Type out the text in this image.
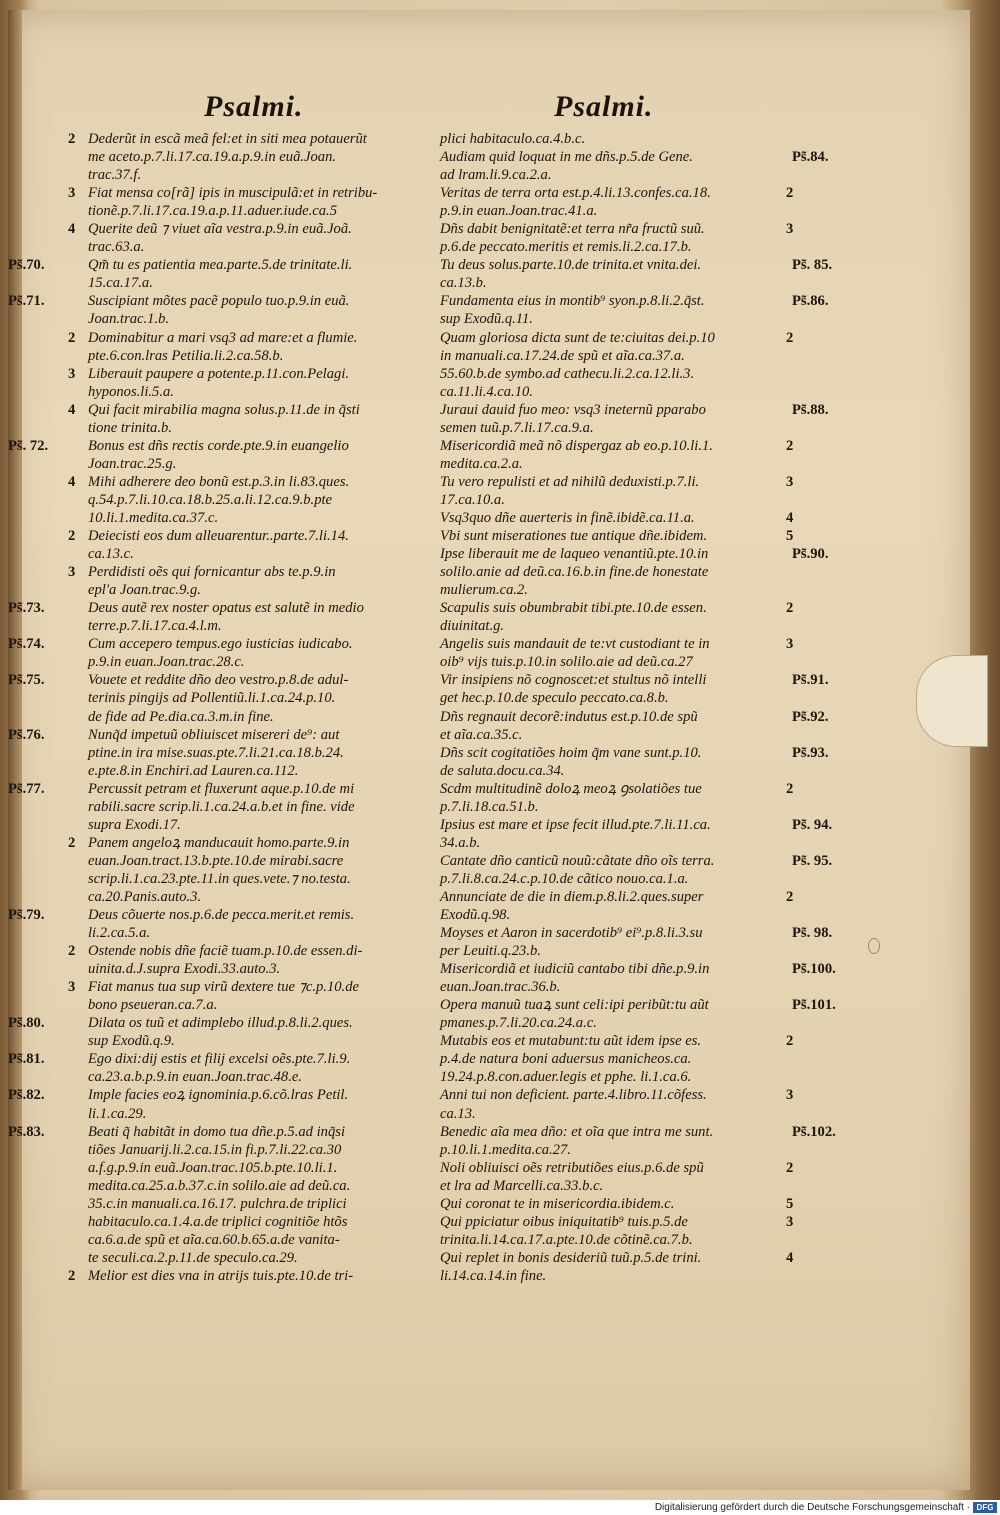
Psalmi.	Psalmi.
2 Dederũt in escã meã fel:et in siti mea potauerũt
me aceto.p.7.li.17.ca.19.a.p.9.in euã.Joan.
trac.37.f.
3 Fiat mensa co[rã] ipis in muscipulã:et in retribu-
tionẽ.p.7.li.17.ca.19.a.p.11.aduer.iude.ca.5
4 Querite deũ ⁊ viuet aĩa vestra.p.9.in euã.Joã.
trac.63.a.
Ps̃.70.	Qm̃ tu es patientia mea.parte.5.de trinitate.li.
15.ca.17.a.
Ps̃.71.	Suscipiant mõtes pacẽ populo tuo.p.9.in euã.
Joan.trac.1.b.
2 Dominabitur a mari vsq3 ad mare:et a flumie.
pte.6.con.lras Petilia.li.2.ca.58.b.
3 Liberauit paupere a potente.p.11.con.Pelagi.
hyponos.li.5.a.
4 Qui facit mirabilia magna solus.p.11.de in q̃sti
tione trinita.b.
Ps̃. 72.	Bonus est dñs rectis corde.pte.9.in euangelio
Joan.trac.25.g.
4 Mihi adherere deo bonũ est.p.3.in li.83.ques.
q.54.p.7.li.10.ca.18.b.25.a.li.12.ca.9.b.pte
10.li.1.medita.ca.37.c.
2 Deiecisti eos dum alleuarentur..parte.7.li.14.
ca.13.c.
3 Perdidisti oẽs qui fornicantur abs te.p.9.in
epl'a Joan.trac.9.g.
Ps̃.73.	Deus autẽ rex noster opatus est salutẽ in medio
terre.p.7.li.17.ca.4.l.m.
Ps̃.74.	Cum accepero tempus.ego iusticias iudicabo.
p.9.in euan.Joan.trac.28.c.
Ps̃.75.	Vouete et reddite dño deo vestro.p.8.de adul-
terinis pingijs ad Pollentiũ.li.1.ca.24.p.10.
de fide ad Pe.dia.ca.3.m.in fine.
Ps̃.76.	Nunq̃d impetuũ obliuiscet misereri de⁹: aut
ptine.in ira mise.suas.pte.7.li.21.ca.18.b.24.
e.pte.8.in Enchiri.ad Lauren.ca.112.
Ps̃.77.	Percussit petram et fluxerunt aque.p.10.de mi
rabili.sacre scrip.li.1.ca.24.a.b.et in fine. vide
supra Exodi.17.
2 Panem angeloꝝ manducauit homo.parte.9.in
euan.Joan.tract.13.b.pte.10.de mirabi.sacre
scrip.li.1.ca.23.pte.11.in ques.vete.⁊ no.testa.
ca.20.Panis.auto.3.
Ps̃.79.	Deus cõuerte nos.p.6.de pecca.merit.et remis.
li.2.ca.5.a.
2 Ostende nobis dñe faciẽ tuam.p.10.de essen.di-
uinita.d.J.supra Exodi.33.auto.3.
3 Fiat manus tua sup virũ dextere tue ⁊c.p.10.de
bono pseueran.ca.7.a.
Ps̃.80.	Dilata os tuũ et adimplebo illud.p.8.li.2.ques.
sup Exodũ.q.9.
Ps̃.81.	Ego dixi:dij estis et filij excelsi oẽs.pte.7.li.9.
ca.23.a.b.p.9.in euan.Joan.trac.48.e.
Ps̃.82.	Imple facies eoꝝ ignominia.p.6.cõ.lras Petil.
li.1.ca.29.
Ps̃.83.	Beati q̃ habitãt in domo tua dñe.p.5.ad inq̃si
tiões Januarij.li.2.ca.15.in fi.p.7.li.22.ca.30
a.f.g.p.9.in euã.Joan.trac.105.b.pte.10.li.1.
medita.ca.25.a.b.37.c.in solilo.aie ad deũ.ca.
35.c.in manuali.ca.16.17. pulchra.de triplici
habitaculo.ca.1.4.a.de triplici cognitiõe htõs
ca.6.a.de spũ et aĩa.ca.60.b.65.a.de vanita-
te seculi.ca.2.p.11.de speculo.ca.29.
2 Melior est dies vna in atrijs tuis.pte.10.de tri-
plici habitaculo.ca.4.b.c.
Audiam quid loquat in me dñs.p.5.de Gene.	Ps̃.84.
ad lram.li.9.ca.2.a.
Veritas de terra orta est.p.4.li.13.confes.ca.18.	2
p.9.in euan.Joan.trac.41.a.
Dñs dabit benignitatẽ:et terra nr̃a fructũ suũ.	3
p.6.de peccato.meritis et remis.li.2.ca.17.b.
Tu deus solus.parte.10.de trinita.et vnita.dei.	Ps̃. 85.
ca.13.b.
Fundamenta eius in montib⁹ syon.p.8.li.2.q̃st.	Ps̃.86.
sup Exodũ.q.11.
Quam gloriosa dicta sunt de te:ciuitas dei.p.10	2
in manuali.ca.17.24.de spũ et aĩa.ca.37.a.
55.60.b.de symbo.ad cathecu.li.2.ca.12.li.3.
ca.11.li.4.ca.10.
Juraui dauid fuo meo: vsq3 ineternũ pparabo	Ps̃.88.
semen tuũ.p.7.li.17.ca.9.a.
Misericordiã meã nõ dispergaz ab eo.p.10.li.1.	2
medita.ca.2.a.
Tu vero repulisti et ad nihilũ deduxisti.p.7.li.	3
17.ca.10.a.
Vsq3quo dñe auerteris in finẽ.ibidẽ.ca.11.a.	4
Vbi sunt miserationes tue antique dñe.ibidem.	5
Ipse liberauit me de laqueo venantiũ.pte.10.in	Ps̃.90.
solilo.anie ad deũ.ca.16.b.in fine.de honestate
mulierum.ca.2.
Scapulis suis obumbrabit tibi.pte.10.de essen.	2
diuinitat.g.
Angelis suis mandauit de te:vt custodiant te in	3
oib⁹ vijs tuis.p.10.in solilo.aie ad deũ.ca.27
Vir insipiens nõ cognoscet:et stultus nõ intelli	Ps̃.91.
get hec.p.10.de speculo peccato.ca.8.b.
Dñs regnauit decorẽ:indutus est.p.10.de spũ	Ps̃.92.
et aĩa.ca.35.c.
Dñs scit cogitatiões hoim q̃m vane sunt.p.10.	Ps̃.93.
de saluta.docu.ca.34.
Scdm multitudinẽ doloꝝ meoꝝ ꝯsolatiões tue	2
p.7.li.18.ca.51.b.
Ipsius est mare et ipse fecit illud.pte.7.li.11.ca.	Ps̃. 94.
34.a.b.
Cantate dño canticũ nouũ:cãtate dño oĩs terra.	Ps̃. 95.
p.7.li.8.ca.24.c.p.10.de cãtico nouo.ca.1.a.
Annunciate de die in diem.p.8.li.2.ques.super	2
Exodũ.q.98.
Moyses et Aaron in sacerdotib⁹ ei⁹.p.8.li.3.su	Ps̃. 98.
per Leuiti.q.23.b.
Misericordiã et iudiciũ cantabo tibi dñe.p.9.in	Ps̃.100.
euan.Joan.trac.36.b.
Opera manuũ tuaꝝ sunt celi:ipi peribũt:tu aũt	Ps̃.101.
pmanes.p.7.li.20.ca.24.a.c.
Mutabis eos et mutabunt:tu aũt idem ipse es.	2
p.4.de natura boni aduersus manicheos.ca.
19.24.p.8.con.aduer.legis et pphe. li.1.ca.6.
Anni tui non deficient. parte.4.libro.11.cõfess.	3
ca.13.
Benedic aĩa mea dño: et oĩa que intra me sunt.	Ps̃.102.
p.10.li.1.medita.ca.27.
Noli obliuisci oẽs retributiões eius.p.6.de spũ	2
et lra ad Marcelli.ca.33.b.c.
Qui coronat te in misericordia.ibidem.c.	5
Qui ppiciatur oibus iniquitatib⁹ tuis.p.5.de	3
trinita.li.14.ca.17.a.pte.10.de cõtinẽ.ca.7.b.
Qui replet in bonis desideriũ tuũ.p.5.de trini.	4
li.14.ca.14.in fine.
Digitalisierung gefördert durch die Deutsche Forschungsgemeinschaft · DFG
